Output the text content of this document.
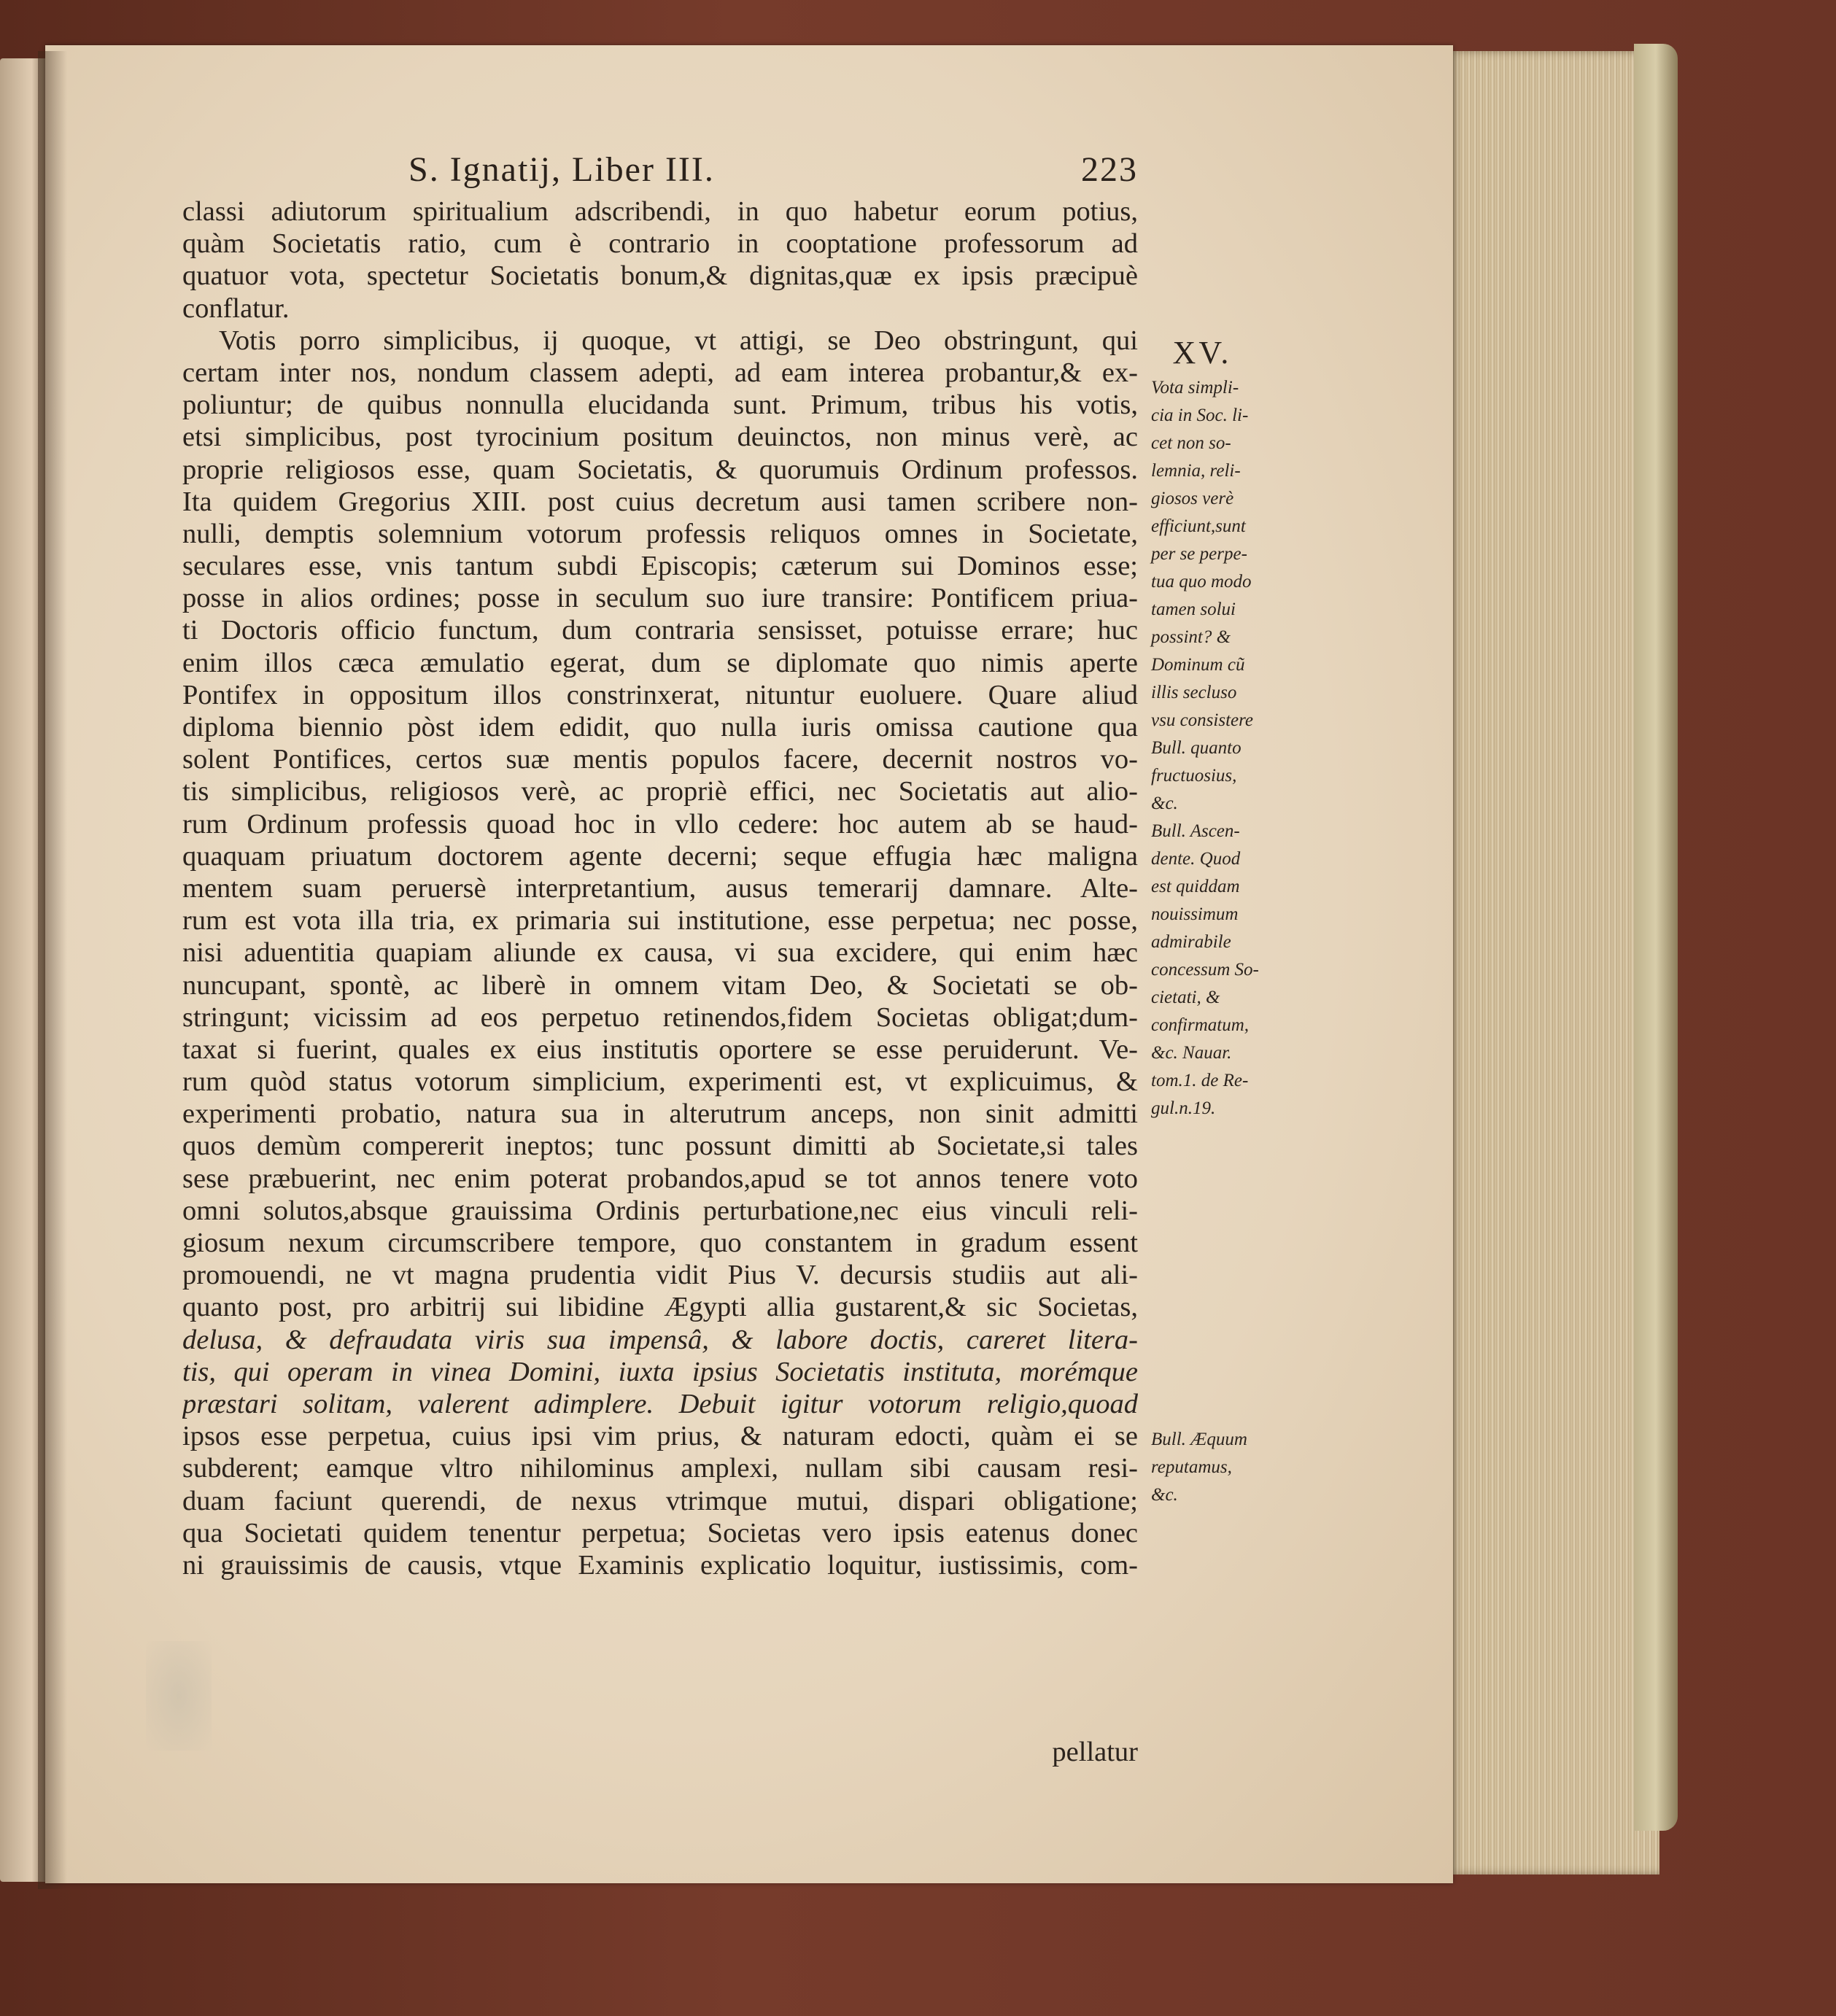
S. Ignatij, Liber III.	223
classi adiutorum spiritualium adscribendi, in quo habetur eorum potius,
quàm Societatis ratio, cum è contrario in cooptatione professorum ad
quatuor vota, spectetur Societatis bonum,& dignitas,quæ ex ipsis præcipuè
conflatur.
Votis porro simplicibus, ij quoque, vt attigi, se Deo obstringunt, qui
certam inter nos, nondum classem adepti, ad eam interea probantur,& ex-
poliuntur; de quibus nonnulla elucidanda sunt. Primum, tribus his votis,
etsi simplicibus, post tyrocinium positum deuinctos, non minus verè, ac
proprie religiosos esse, quam Societatis, & quorumuis Ordinum professos.
Ita quidem Gregorius XIII. post cuius decretum ausi tamen scribere non-
nulli, demptis solemnium votorum professis reliquos omnes in Societate,
seculares esse, vnis tantum subdi Episcopis; cæterum sui Dominos esse;
posse in alios ordines; posse in seculum suo iure transire: Pontificem priua-
ti Doctoris officio functum, dum contraria sensisset, potuisse errare; huc
enim illos cæca æmulatio egerat, dum se diplomate quo nimis aperte
Pontifex in oppositum illos constrinxerat, nituntur euoluere. Quare aliud
diploma biennio pòst idem edidit, quo nulla iuris omissa cautione qua
solent Pontifices, certos suæ mentis populos facere, decernit nostros vo-
tis simplicibus, religiosos verè, ac propriè effici, nec Societatis aut alio-
rum Ordinum professis quoad hoc in vllo cedere: hoc autem ab se haud-
quaquam priuatum doctorem agente decerni; seque effugia hæc maligna
mentem suam peruersè interpretantium, ausus temerarij damnare. Alte-
rum est vota illa tria, ex primaria sui institutione, esse perpetua; nec posse,
nisi aduentitia quapiam aliunde ex causa, vi sua excidere, qui enim hæc
nuncupant, spontè, ac liberè in omnem vitam Deo, & Societati se ob-
stringunt; vicissim ad eos perpetuo retinendos,fidem Societas obligat;dum-
taxat si fuerint, quales ex eius institutis oportere se esse peruiderunt. Ve-
rum quòd status votorum simplicium, experimenti est, vt explicuimus, &
experimenti probatio, natura sua in alterutrum anceps, non sinit admitti
quos demùm compererit ineptos; tunc possunt dimitti ab Societate,si tales
sese præbuerint, nec enim poterat probandos,apud se tot annos tenere voto
omni solutos,absque grauissima Ordinis perturbatione,nec eius vinculi reli-
giosum nexum circumscribere tempore, quo constantem in gradum essent
promouendi, ne vt magna prudentia vidit Pius V. decursis studiis aut ali-
quanto post, pro arbitrij sui libidine Ægypti allia gustarent,& sic Societas,
delusa, & defraudata viris sua impensâ, & labore doctis, careret litera-
tis, qui operam in vinea Domini, iuxta ipsius Societatis instituta, morémque
præstari solitam, valerent adimplere. Debuit igitur votorum religio,quoad
ipsos esse perpetua, cuius ipsi vim prius, & naturam edocti, quàm ei se
subderent; eamque vltro nihilominus amplexi, nullam sibi causam resi-
duam faciunt querendi, de nexus vtrimque mutui, dispari obligatione;
qua Societati quidem tenentur perpetua; Societas vero ipsis eatenus donec
ni grauissimis de causis, vtque Examinis explicatio loquitur, iustissimis, com-
pellatur
XV.
Vota simpli-
cia in Soc. li-
cet non so-
lemnia, reli-
giosos verè
efficiunt,sunt
per se perpe-
tua quo modo
tamen solui
possint? &
Dominum cũ
illis secluso
vsu consistere
Bull. quanto
fructuosius,
&c.
Bull. Ascen-
dente. Quod
est quiddam
nouissimum
admirabile
concessum So-
cietati, &
confirmatum,
&c. Nauar.
tom.1. de Re-
gul.n.19.
Bull. Æquum
reputamus,
&c.
